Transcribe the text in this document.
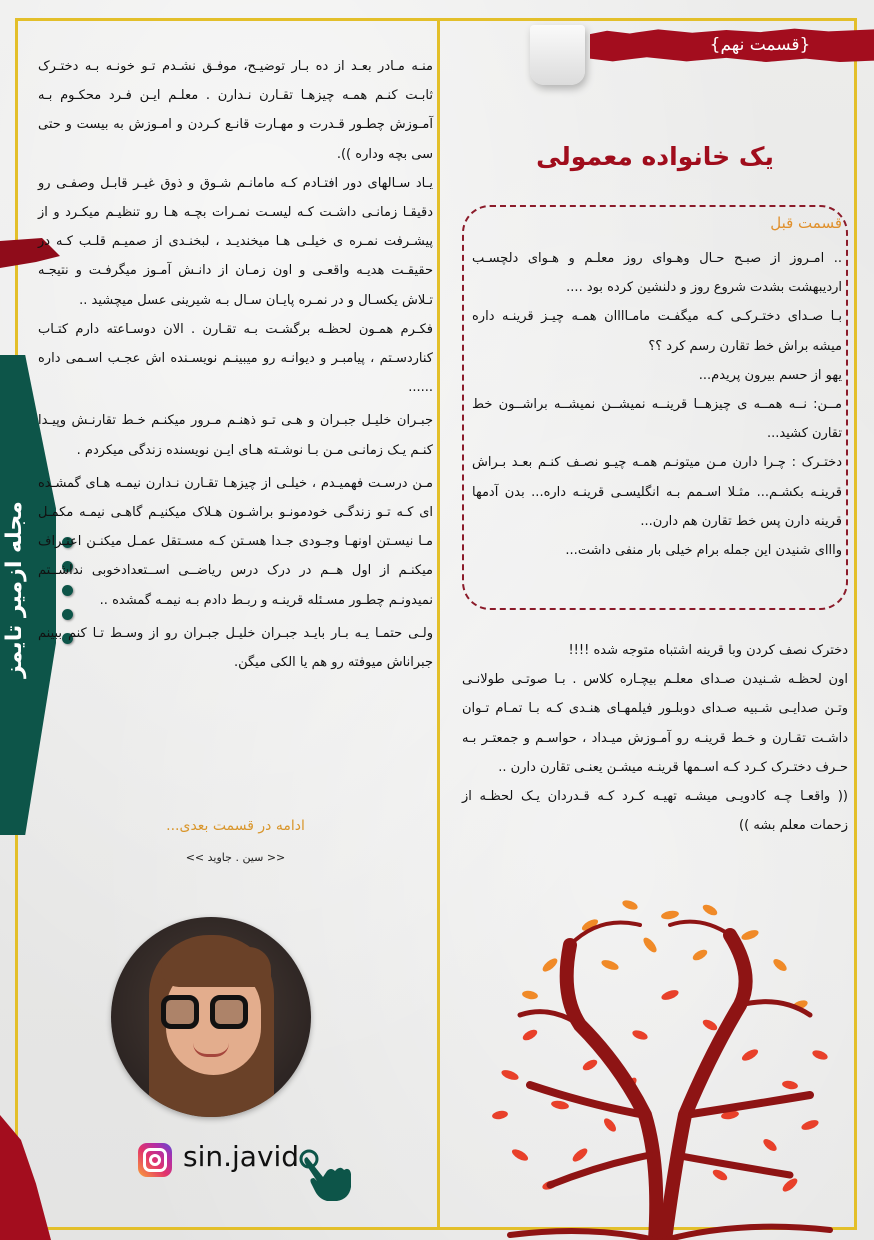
{قسمت نهم}
مجله ازمیر تایمز

منـه مـادر بعـد از ده بـار توضیـح، موفـق نشـدم تـو خونـه بـه دختـرک ثابـت کنـم همـه چیزهـا تقـارن نـدارن . معلـم ایـن فـرد محکـوم بـه آمـوزش چطـور قـدرت و مهـارت قانـع کـردن و امـوزش به بیست و حتی سی بچه وداره )).

یـاد سـالهای دور افتـادم کـه مامانـم شـوق و ذوق غیـر قابـل وصفـی رو دقیقـا زمانـی داشـت کـه لیسـت نمـرات بچـه هـا رو تنظیـم میکـرد و از پیشـرفت نمـره ی خیلـی هـا میخندیـد ، لبخنـدی از صمیـم قلـب کـه در حقیقـت هدیـه واقعـی و اون زمـان از دانـش آمـوز میگرفـت و نتیجـه تـلاش یکسـال و در نمـره پایـان سـال بـه شیرینی عسل میچشید ..

فکـرم همـون لحظـه برگشـت بـه تقـارن . الان دوسـاعته دارم کتـاب کناردسـتم ، پیامبـر و دیوانـه رو میبینـم نویسـنده اش عجـب اسـمی داره ......

جبـران خلیـل جبـران و هـی تـو ذهنـم مـرور میکنـم خـط تقارنـش وپیـدا کنـم یـک زمانـی مـن بـا نوشـته هـای ایـن نویسنده زندگی میکردم .

مـن درسـت فهمیـدم ، خیلـی از چیزهـا تقـارن نـدارن نیمـه هـای گمشـده ای کـه تـو زندگـی خودمونـو براشـون هـلاک میکنیـم گاهـی نیمـه مکمـل مـا نیسـتن اونهـا وجـودی جـدا هسـتن کـه مسـتقل عمـل میکنـن اعتـراف میکنـم از اول هــم در درک درس ریاضــی اســتعدادخوبی نداشــتم نمیدونـم چطـور مسـئله قرینـه و ربـط دادم بـه نیمـه گمشده ..

ولـی حتمـا یـه بـار بایـد جبـران خلیـل جبـران رو از وسـط تـا کنم ببینم جبراناش میوفته رو هم یا الکی میگن.

ادامه در قسمت بعدی...
<< سین . جاوید >>
sin.javid
یک خانواده معمولی
قسمت قبل

.. امـروز از صبـح حـال وهـوای روز معلـم و هـوای دلچسـب اردیبهشت بشدت شروع روز و دلنشین کرده بود ....

بـا صـدای دختـرکـی کـه میگفـت مامـاااان همـه چیـز قرینـه داره میشه براش خط تقارن رسم کرد ؟؟

یهو از حسم بیرون پریدم...

مــن: نــه همــه ی چیزهــا قرینــه نمیشــن نمیشــه براشــون خط تقارن کشید...

دختـرک : چـرا دارن مـن میتونـم همـه چیـو نصـف کنـم بعـد بـراش قرینـه بکشـم... مثـلا اسـمم بـه انگلیسـی قرینـه داره... بدن آدمها قرینه دارن پس خط تقارن هم دارن...

وااای شنیدن این جمله برام خیلی بار منفی داشت...

دخترک نصف کردن وبا قرینه اشتباه متوجه شده !!!!

اون لحظـه شـنیدن صـدای معلـم بیچـاره کلاس . بـا صوتـی طولانـی وتـن صدایـی شـبیه صـدای دوبلـور فیلمهـای هنـدی کـه بـا تمـام تـوان داشـت تقـارن و خـط قرینـه رو آمـوزش میـداد ، حواسـم و جمعتـر بـه حـرف دختـرک کـرد کـه اسـمها قرینـه میشـن یعنـی تقارن دارن ..

(( واقعـا چـه کادویـی میشـه تهیـه کـرد کـه قـدردان یـک لحظـه از زحمات معلم بشه ))
